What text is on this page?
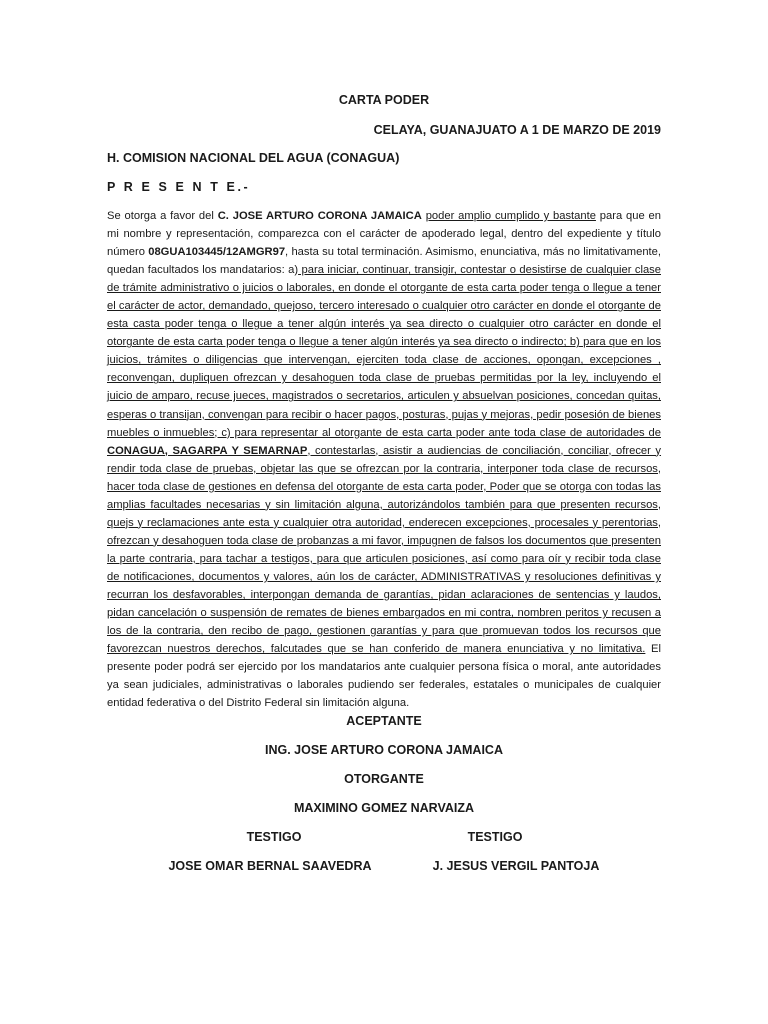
CARTA PODER
CELAYA, GUANAJUATO A 1 DE MARZO DE 2019
H. COMISION NACIONAL DEL AGUA (CONAGUA)
P R E S E N T E.-

Se otorga a favor del C. JOSE ARTURO CORONA JAMAICA poder amplio cumplido y bastante para que en mi nombre y representación, comparezca con el carácter de apoderado legal, dentro del expediente y título número 08GUA103445/12AMGR97, hasta su total terminación. Asimismo, enunciativa, más no limitativamente, quedan facultados los mandatarios: a) para iniciar, continuar, transigir, contestar o desistirse de cualquier clase de trámite administrativo o juicios o laborales, en donde el otorgante de esta carta poder tenga o llegue a tener el carácter de actor, demandado, quejoso, tercero interesado o cualquier otro carácter en donde el otorgante de esta casta poder tenga o llegue a tener algún interés ya sea directo o cualquier otro carácter en donde el otorgante de esta carta poder tenga o llegue a tener algún interés ya sea directo o indirecto; b) para que en los juicios, trámites o diligencias que intervengan, ejerciten toda clase de acciones, opongan, excepciones , reconvengan, dupliquen ofrezcan y desahoguen toda clase de pruebas permitidas por la ley, incluyendo el juicio de amparo, recuse jueces, magistrados o secretarios, articulen y absuelvan posiciones, concedan quitas, esperas o transijan, convengan para recibir o hacer pagos, posturas, pujas y mejoras, pedir posesión de bienes muebles o inmuebles; c) para representar al otorgante de esta carta poder ante toda clase de autoridades de CONAGUA, SAGARPA Y SEMARNAP, contestarlas, asistir a audiencias de conciliación, conciliar, ofrecer y rendir toda clase de pruebas, objetar las que se ofrezcan por la contraria, interponer toda clase de recursos, hacer toda clase de gestiones en defensa del otorgante de esta carta poder, Poder que se otorga con todas las amplias facultades necesarias y sin limitación alguna, autorizándolos también para que presenten recursos, quejs y reclamaciones ante esta y cualquier otra autoridad, enderecen excepciones, procesales y perentorias, ofrezcan y desahoguen toda clase de probanzas a mi favor, impugnen de falsos los documentos que presenten la parte contraria, para tachar a testigos, para que articulen posiciones, así como para oír y recibir toda clase de notificaciones, documentos y valores, aún los de carácter, ADMINISTRATIVAS y resoluciones definitivas y recurran los desfavorables, interpongan demanda de garantías, pidan aclaraciones de sentencias y laudos, pidan cancelación o suspensión de remates de bienes embargados en mi contra, nombren peritos y recusen a los de la contraria, den recibo de pago, gestionen garantías y para que promuevan todos los recursos que favorezcan nuestros derechos, falcutades que se han conferido de manera enunciativa y no limitativa. El presente poder podrá ser ejercido por los mandatarios ante cualquier persona física o moral, ante autoridades ya sean judiciales, administrativas o laborales pudiendo ser federales, estatales o municipales de cualquier entidad federativa o del Distrito Federal sin limitación alguna.

ACEPTANTE
ING. JOSE ARTURO CORONA JAMAICA
OTORGANTE
MAXIMINO GOMEZ NARVAIZA
TESTIGO	TESTIGO
JOSE OMAR BERNAL SAAVEDRA	J. JESUS VERGIL PANTOJA
